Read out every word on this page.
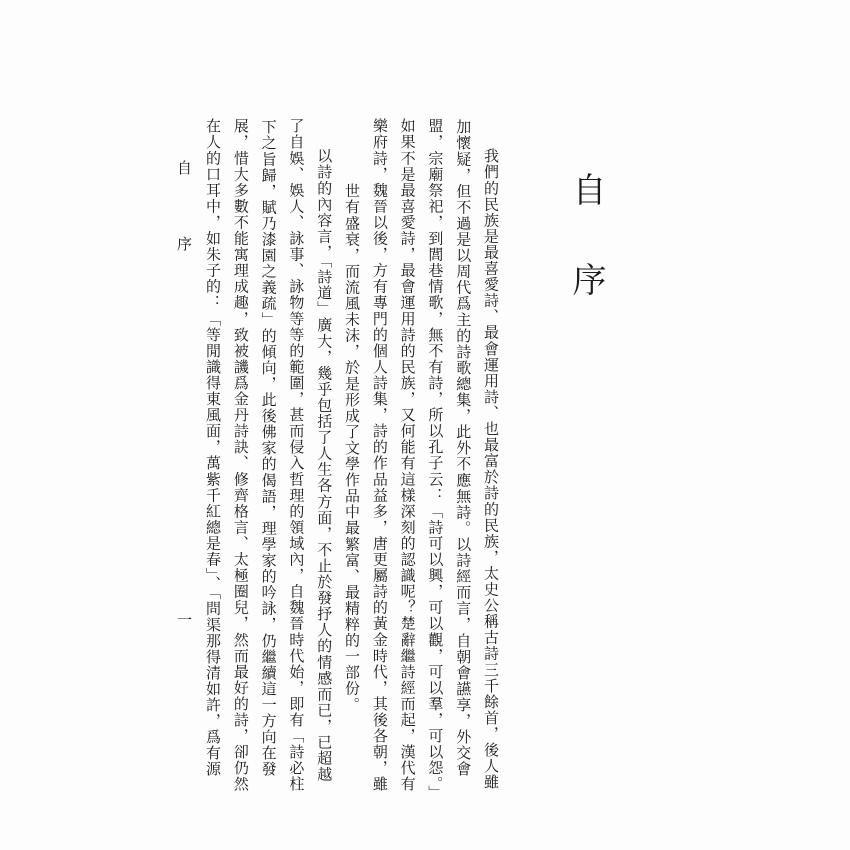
自
序
我們的民族是最喜愛詩、最會運用詩、也最富於詩的民族，太史公稱古詩三千餘首，後人雖
加懷疑，但不過是以周代爲主的詩歌總集，此外不應無詩。以詩經而言，自朝會讌享，外交會
盟，宗廟祭祀，到閭巷情歌，無不有詩，所以孔子云：「詩可以興，可以觀，可以羣，可以怨。」
如果不是最喜愛詩，最會運用詩的民族，又何能有這樣深刻的認識呢？楚辭繼詩經而起，漢代有
樂府詩，魏晉以後，方有專門的個人詩集，詩的作品益多，唐更屬詩的黃金時代，其後各朝，雖
世有盛衰，而流風未沫，於是形成了文學作品中最繁富、最精粹的一部份。
以詩的內容言，「詩道」廣大，幾乎包括了人生各方面，不止於發抒人的情感而已，已超越
了自娛、娛人、詠事、詠物等等的範圍，甚而侵入哲理的領域內，自魏晉時代始，即有「詩必柱
下之旨歸，賦乃漆園之義疏」的傾向，此後佛家的偈語，理學家的吟詠，仍繼續這一方向在發
展，惜大多數不能寓理成趣，致被譏爲金丹詩訣、修齊格言、太極圈兒，然而最好的詩，卻仍然
在人的口耳中，如朱子的：「等閒識得東風面，萬紫千紅總是春」、「問渠那得清如許，爲有源
自
序
一
